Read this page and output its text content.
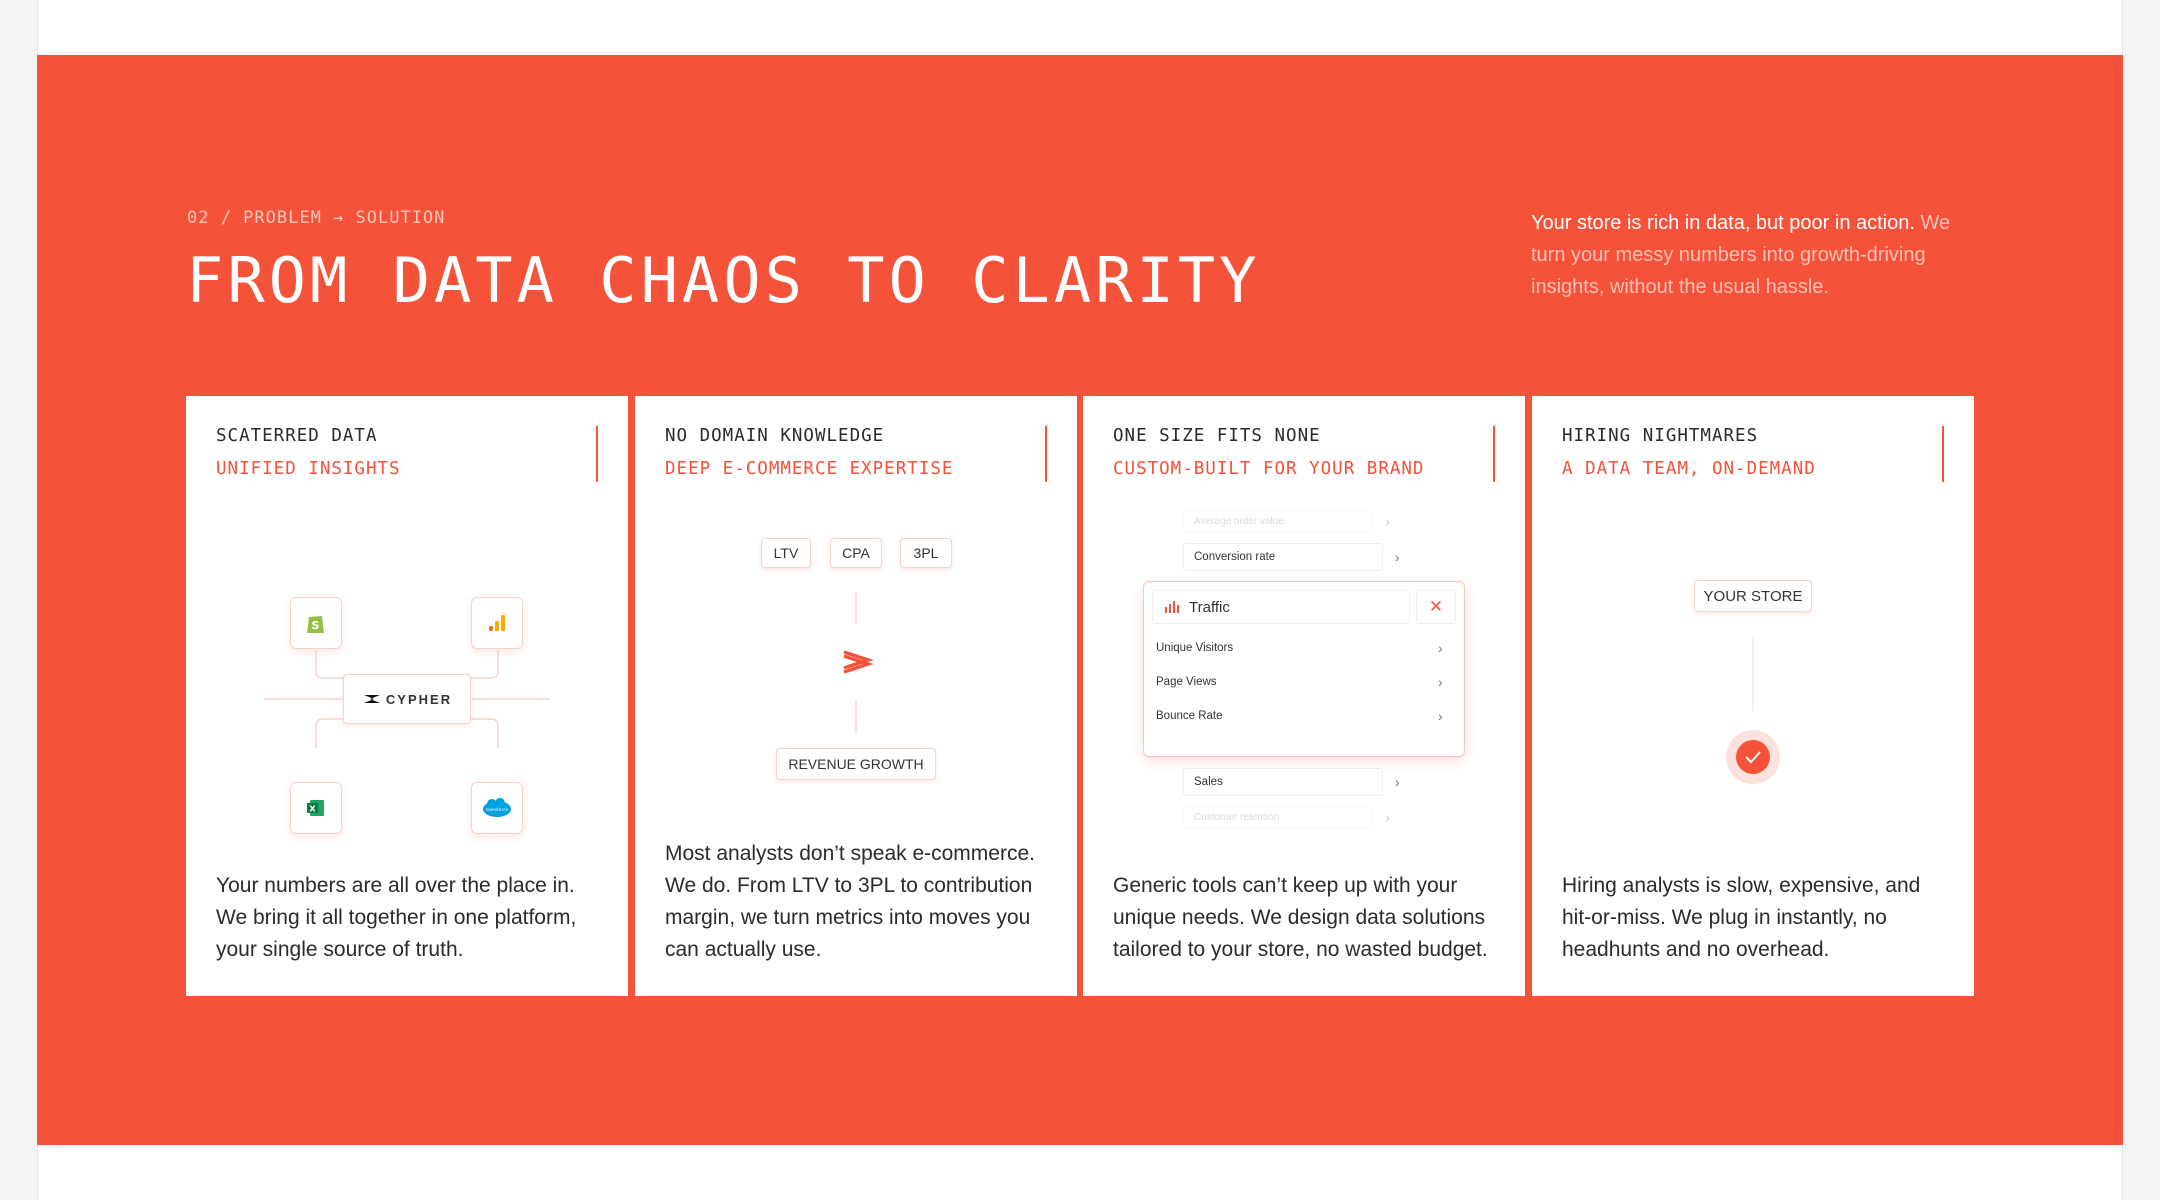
02 / PROBLEM → SOLUTION
FROM DATA CHAOS TO CLARITY
Your store is rich in data, but poor in action. We turn your messy numbers into growth-driving insights, without the usual hassle.
SCATERRED DATA
UNIFIED INSIGHTS
S
X	salesforce
CYPHER
Your numbers are all over the place in. We bring it all together in one platform, your single source of truth.
NO DOMAIN KNOWLEDGE
DEEP E-COMMERCE EXPERTISE
LTV	CPA	3PL
REVENUE GROWTH
Most analysts don’t speak e-commerce. We do. From LTV to 3PL to contribution margin, we turn metrics into moves you can actually use.
ONE SIZE FITS NONE
CUSTOM-BUILT FOR YOUR BRAND
Average order value	›
Conversion rate	›
Traffic	✕
Unique Visitors	›
Page Views	›
Bounce Rate	›
Sales	›
Customer retention	›
Generic tools can’t keep up with your unique needs. We design data solutions tailored to your store, no wasted budget.
HIRING NIGHTMARES
A DATA TEAM, ON-DEMAND
YOUR STORE
Hiring analysts is slow, expensive, and hit-or-miss. We plug in instantly, no headhunts and no overhead.
